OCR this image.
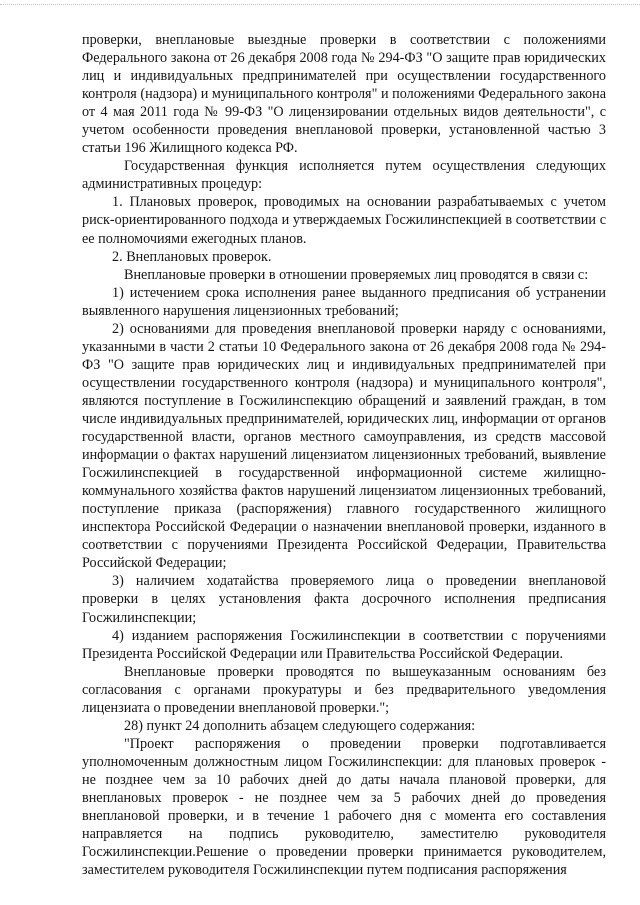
проверки, внеплановые выездные проверки в соответствии с положениями Федерального закона от 26 декабря 2008 года № 294-ФЗ "О защите прав юридических лиц и индивидуальных предпринимателей при осуществлении государственного контроля (надзора) и муниципального контроля" и положениями Федерального закона от 4 мая 2011 года № 99-ФЗ "О лицензировании отдельных видов деятельности", с учетом особенности проведения внеплановой проверки, установленной частью 3 статьи 196 Жилищного кодекса РФ.

Государственная функция исполняется путем осуществления следующих административных процедур:

1. Плановых проверок, проводимых на основании разрабатываемых с учетом риск-ориентированного подхода и утверждаемых Госжилинспекцией в соответствии с ее полномочиями ежегодных планов.

2. Внеплановых проверок.

Внеплановые проверки в отношении проверяемых лиц проводятся в связи с:

1) истечением срока исполнения ранее выданного предписания об устранении выявленного нарушения лицензионных требований;

2) основаниями для проведения внеплановой проверки наряду с основаниями, указанными в части 2 статьи 10 Федерального закона от 26 декабря 2008 года № 294-ФЗ "О защите прав юридических лиц и индивидуальных предпринимателей при осуществлении государственного контроля (надзора) и муниципального контроля", являются поступление в Госжилинспекцию обращений и заявлений граждан, в том числе индивидуальных предпринимателей, юридических лиц, информации от органов государственной власти, органов местного самоуправления, из средств массовой информации о фактах нарушений лицензиатом лицензионных требований, выявление Госжилинспекцией в государственной информационной системе жилищно-коммунального хозяйства фактов нарушений лицензиатом лицензионных требований, поступление приказа (распоряжения) главного государственного жилищного инспектора Российской Федерации о назначении внеплановой проверки, изданного в соответствии с поручениями Президента Российской Федерации, Правительства Российской Федерации;

3) наличием ходатайства проверяемого лица о проведении внеплановой проверки в целях установления факта досрочного исполнения предписания Госжилинспекции;

4) изданием распоряжения Госжилинспекции в соответствии с поручениями Президента Российской Федерации или Правительства Российской Федерации.

Внеплановые проверки проводятся по вышеуказанным основаниям без согласования с органами прокуратуры и без предварительного уведомления лицензиата о проведении внеплановой проверки.";

28) пункт 24 дополнить абзацем следующего содержания:

"Проект распоряжения о проведении проверки подготавливается уполномоченным должностным лицом Госжилинспекции: для плановых проверок - не позднее чем за 10 рабочих дней до даты начала плановой проверки, для внеплановых проверок - не позднее чем за 5 рабочих дней до проведения внеплановой проверки, и в течение 1 рабочего дня с момента его составления направляется на подпись руководителю, заместителю руководителя Госжилинспекции.Решение о проведении проверки принимается руководителем, заместителем руководителя Госжилинспекции путем подписания распоряжения
